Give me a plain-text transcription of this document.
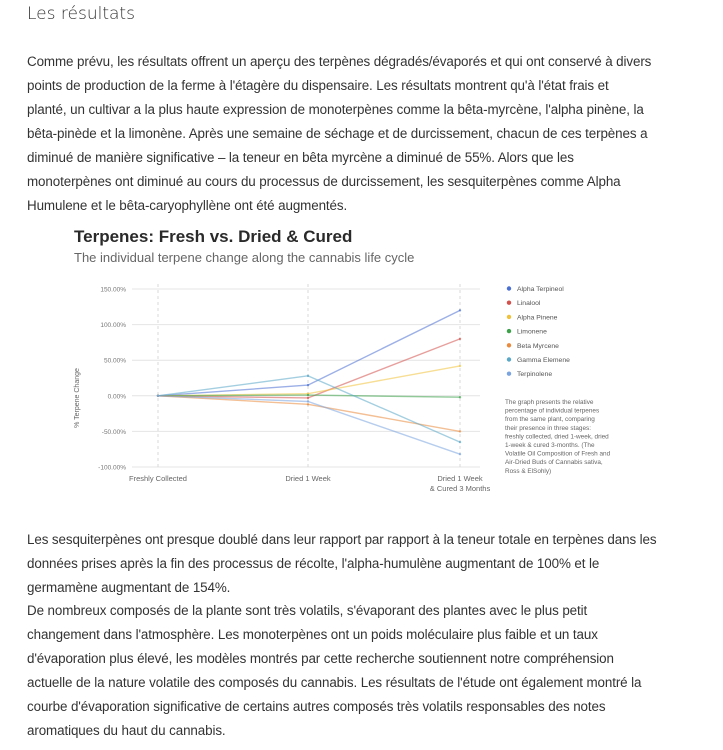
Les résultats
Comme prévu, les résultats offrent un aperçu des terpènes dégradés/évaporés et qui ont conservé à divers
points de production de la ferme à l'étagère du dispensaire. Les résultats montrent qu'à l'état frais et
planté, un cultivar a la plus haute expression de monoterpènes comme la bêta-myrcène, l'alpha pinène, la
bêta-pinède et la limonène. Après une semaine de séchage et de durcissement, chacun de ces terpènes a
diminué de manière significative – la teneur en bêta myrcène a diminué de 55%. Alors que les
monoterpènes ont diminué au cours du processus de durcissement, les sesquiterpènes comme Alpha
Humulene et le bêta-caryophyllène ont été augmentés.
Terpenes: Fresh vs. Dried & Cured
The individual terpene change along the cannabis life cycle
% Terpene Change
150.00%
100.00%
50.00%
0.00%
-50.00%
-100.00%
Freshly Collected	Dried 1 Week	Dried 1 Week
& Cured 3 Months
Alpha Terpineol
Linalool
Alpha Pinene
Limonene
Beta Myrcene
Gamma Elemene
Terpinolene
The graph presents the relative
percentage of individual terpenes
from the same plant, comparing
their presence in three stages:
freshly collected, dried 1-week, dried
1-week & cured 3-months. (The
Volatile Oil Composition of Fresh and
Air-Dried Buds of Cannabis sativa,
Ross & ElSohly)
Les sesquiterpènes ont presque doublé dans leur rapport par rapport à la teneur totale en terpènes dans les
données prises après la fin des processus de récolte, l'alpha-humulène augmentant de 100% et le
germamène augmentant de 154%.
De nombreux composés de la plante sont très volatils, s'évaporant des plantes avec le plus petit
changement dans l'atmosphère. Les monoterpènes ont un poids moléculaire plus faible et un taux
d'évaporation plus élevé, les modèles montrés par cette recherche soutiennent notre compréhension
actuelle de la nature volatile des composés du cannabis. Les résultats de l'étude ont également montré la
courbe d'évaporation significative de certains autres composés très volatils responsables des notes
aromatiques du haut du cannabis.
